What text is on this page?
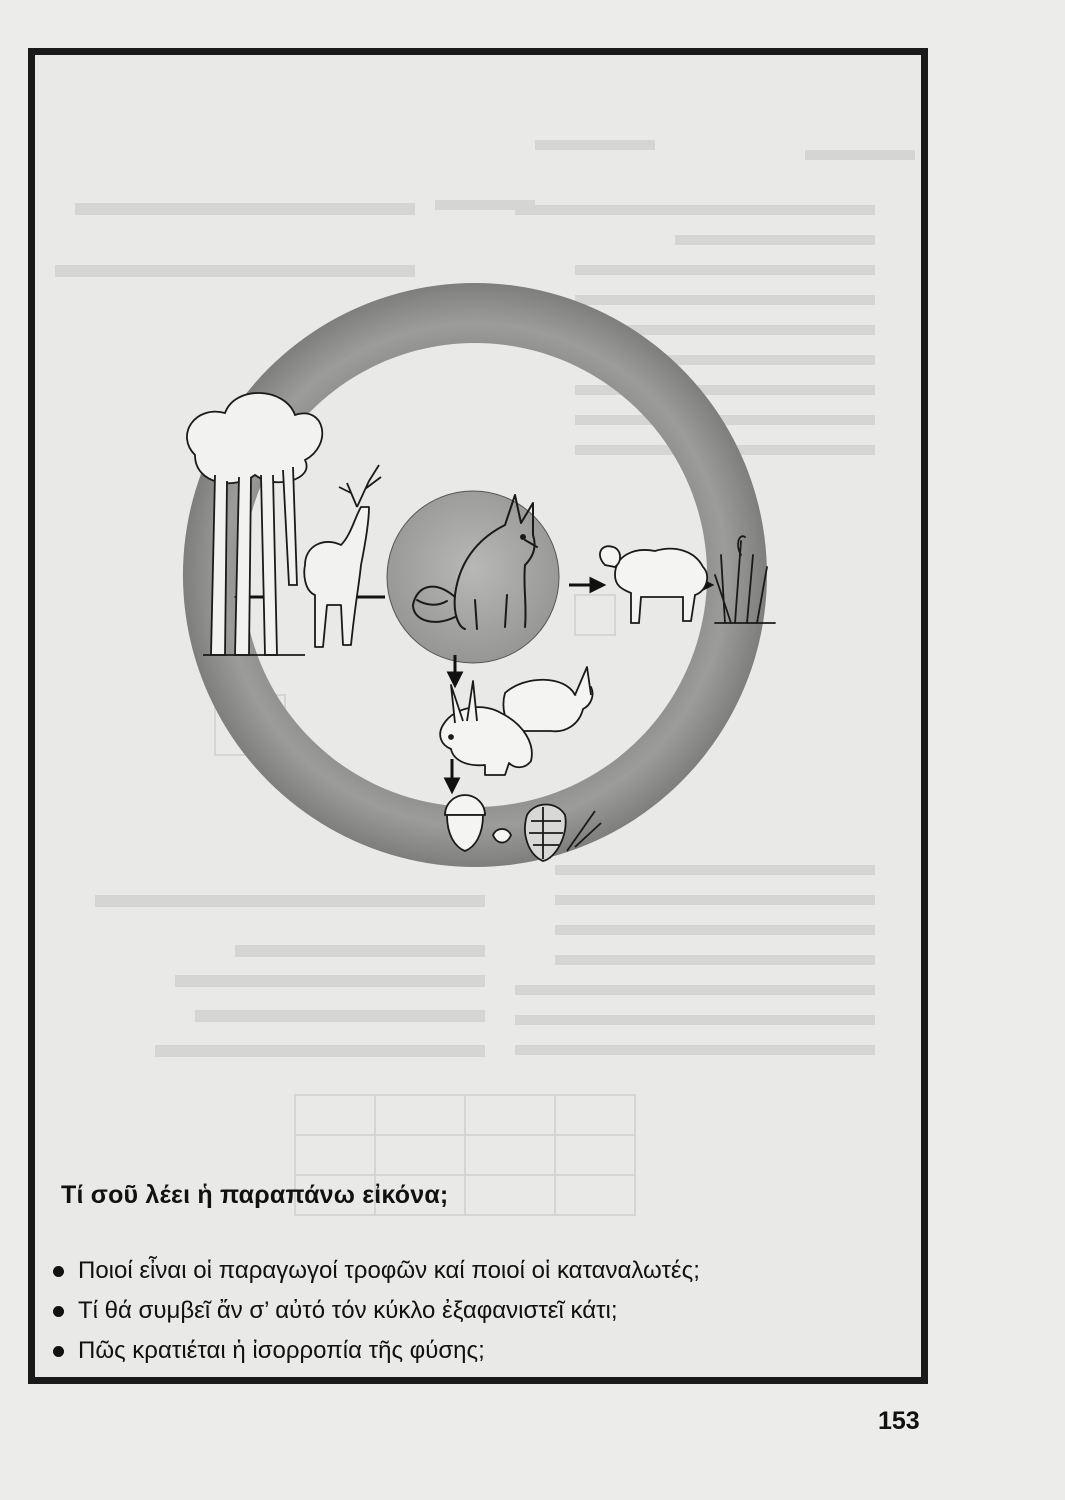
Τί σοῦ λέει ἡ παραπάνω εἰκόνα;

Ποιοί εἶναι οἱ παραγωγοί τροφῶν καί ποιοί οἱ καταναλωτές;
Τί θά συμβεῖ ἄν σ’ αὐτό τόν κύκλο ἐξαφανιστεῖ κάτι;
Πῶς κρατιέται ἡ ἰσορροπία τῆς φύσης;

153
